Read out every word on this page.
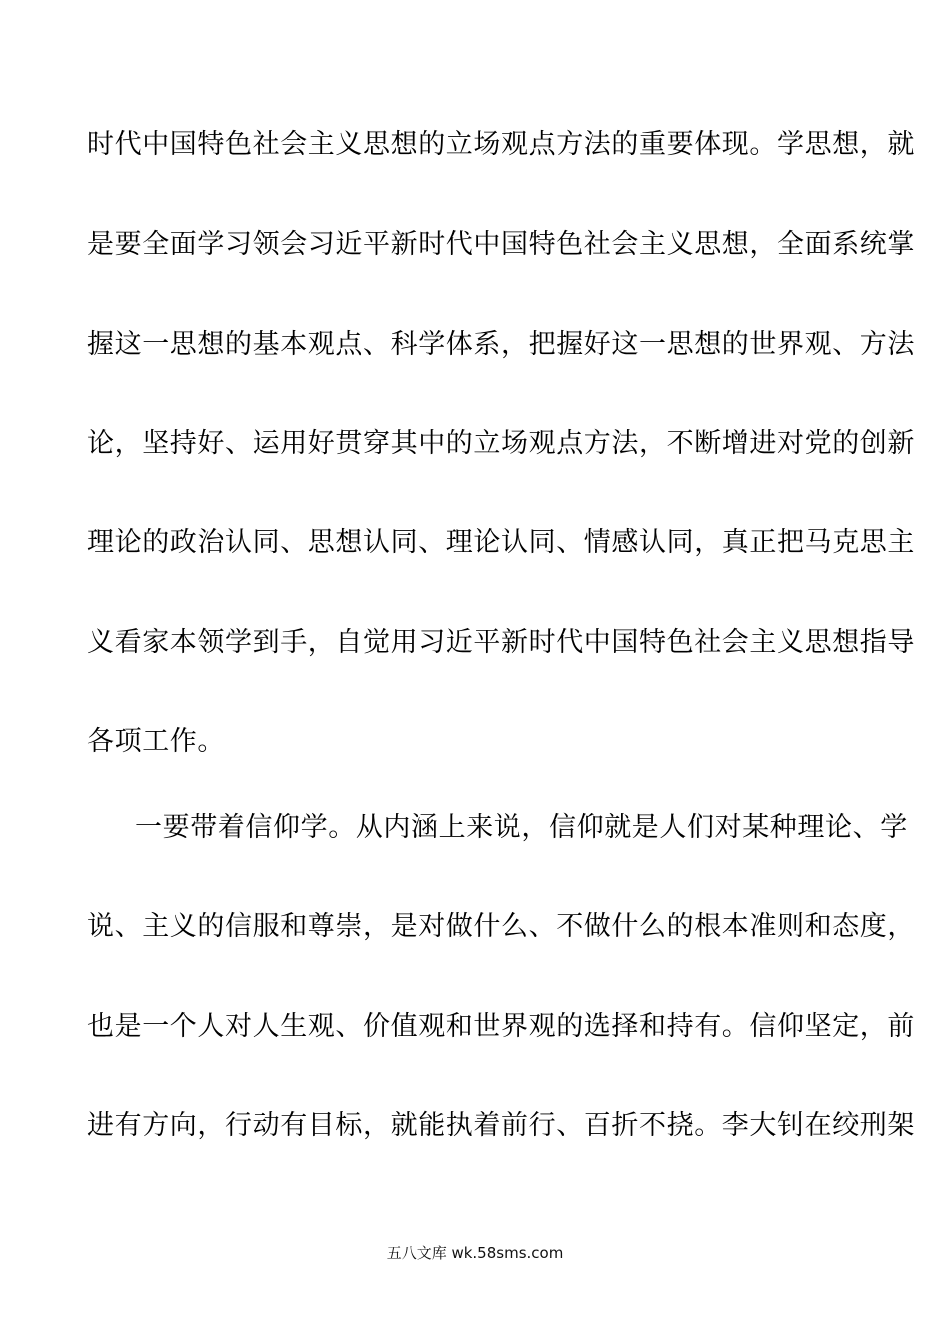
时代中国特色社会主义思想的立场观点方法的重要体现。学思想，就
是要全面学习领会习近平新时代中国特色社会主义思想，全面系统掌
握这一思想的基本观点、科学体系，把握好这一思想的世界观、方法
论，坚持好、运用好贯穿其中的立场观点方法，不断增进对党的创新
理论的政治认同、思想认同、理论认同、情感认同，真正把马克思主
义看家本领学到手，自觉用习近平新时代中国特色社会主义思想指导
各项工作。
一要带着信仰学。从内涵上来说，信仰就是人们对某种理论、学
说、主义的信服和尊崇，是对做什么、不做什么的根本准则和态度，
也是一个人对人生观、价值观和世界观的选择和持有。信仰坚定，前
进有方向，行动有目标，就能执着前行、百折不挠。李大钊在绞刑架
五八文库 wk.58sms.com
